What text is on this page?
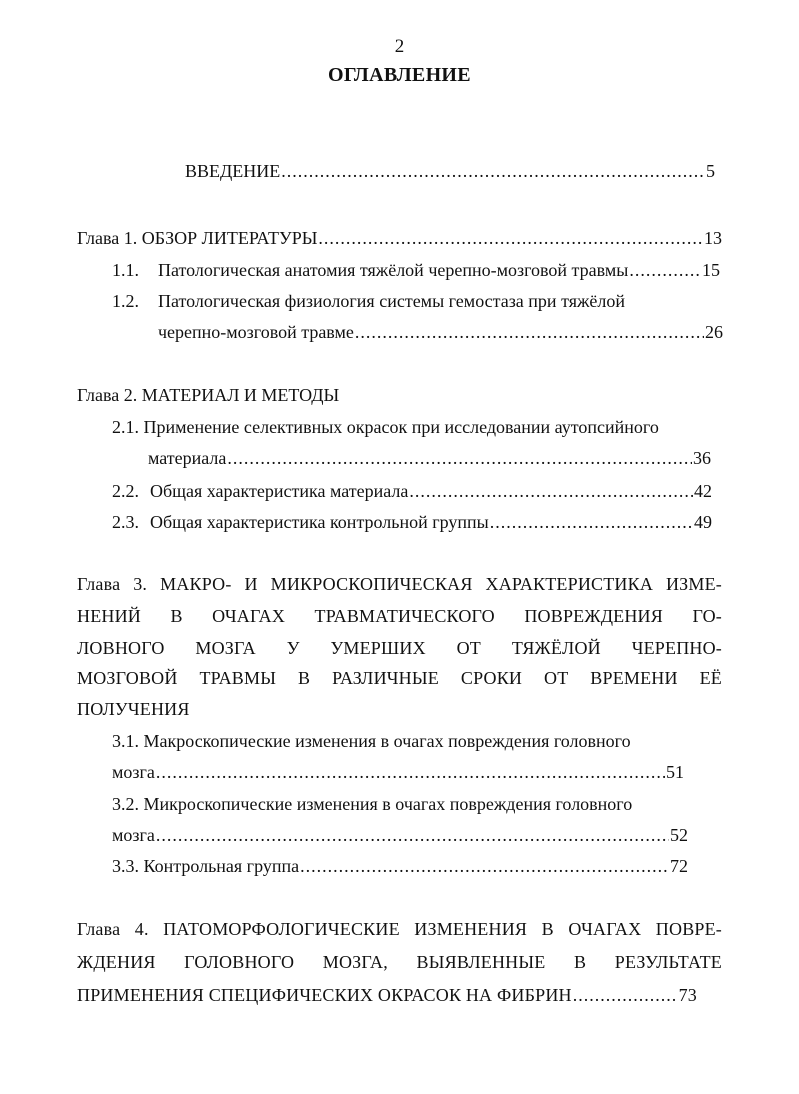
2
ОГЛАВЛЕНИЕ
ВВЕДЕНИЕ .....	5
Глава 1. ОБЗОР ЛИТЕРАТУРЫ .....	13
1.1. Патологическая анатомия тяжёлой черепно-мозговой травмы .....	15
1.2. Патологическая физиология системы гемостаза при тяжёлой
черепно-мозговой травме .....	26
Глава 2. МАТЕРИАЛ И МЕТОДЫ
2.1. Применение селективных окрасок при исследовании аутопсийного
материала .....	36
2.2. Общая характеристика материала .....	42
2.3. Общая характеристика контрольной группы .....	49
Глава 3. МАКРО- И МИКРОСКОПИЧЕСКАЯ ХАРАКТЕРИСТИКА ИЗМЕ-
НЕНИЙ В ОЧАГАХ ТРАВМАТИЧЕСКОГО ПОВРЕЖДЕНИЯ ГО-
ЛОВНОГО МОЗГА У УМЕРШИХ ОТ ТЯЖЁЛОЙ ЧЕРЕПНО-
МОЗГОВОЙ ТРАВМЫ В РАЗЛИЧНЫЕ СРОКИ ОТ ВРЕМЕНИ ЕЁ
ПОЛУЧЕНИЯ
3.1. Макроскопические изменения в очагах повреждения головного
мозга .....	51
3.2. Микроскопические изменения в очагах повреждения головного
мозга .....	52
3.3. Контрольная группа .....	72
Глава 4. ПАТОМОРФОЛОГИЧЕСКИЕ ИЗМЕНЕНИЯ В ОЧАГАХ ПОВРЕ-
ЖДЕНИЯ ГОЛОВНОГО МОЗГА, ВЫЯВЛЕННЫЕ В РЕЗУЛЬТАТЕ
ПРИМЕНЕНИЯ СПЕЦИФИЧЕСКИХ ОКРАСОК НА ФИБРИН .....	73
